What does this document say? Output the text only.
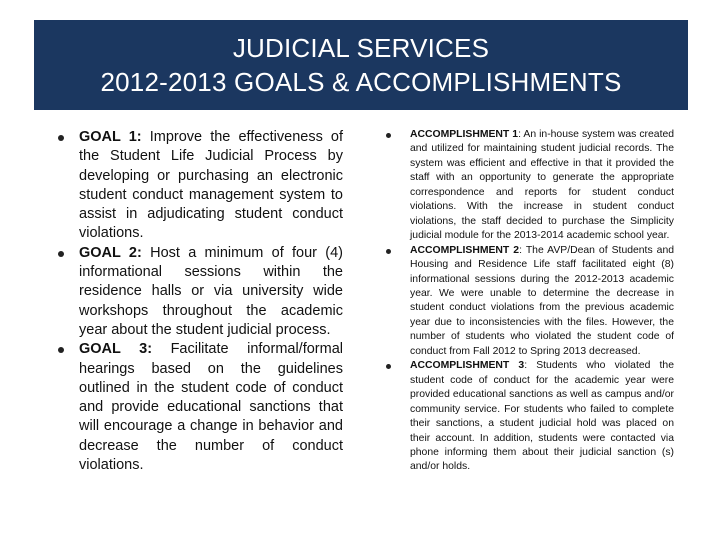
JUDICIAL SERVICES
2012-2013 GOALS & ACCOMPLISHMENTS
GOAL 1: Improve the effectiveness of the Student Life Judicial Process by developing or purchasing an electronic student conduct management system to assist in adjudicating student conduct violations.
GOAL 2: Host a minimum of four (4) informational sessions within the residence halls or via university wide workshops throughout the academic year about the student judicial process.
GOAL 3: Facilitate informal/formal hearings based on the guidelines outlined in the student code of conduct and provide educational sanctions that will encourage a change in behavior and decrease the number of conduct violations.
ACCOMPLISHMENT 1: An in-house system was created and utilized for maintaining student judicial records. The system was efficient and effective in that it provided the staff with an opportunity to generate the appropriate correspondence and reports for student conduct violations. With the increase in student conduct violations, the staff decided to purchase the Simplicity judicial module for the 2013-2014 academic school year.
ACCOMPLISHMENT 2: The AVP/Dean of Students and Housing and Residence Life staff facilitated eight (8) informational sessions during the 2012-2013 academic year. We were unable to determine the decrease in student conduct violations from the previous academic year due to inconsistencies with the files. However, the number of students who violated the student code of conduct from Fall 2012 to Spring 2013 decreased.
ACCOMPLISHMENT 3: Students who violated the student code of conduct for the academic year were provided educational sanctions as well as campus and/or community service. For students who failed to complete their sanctions, a student judicial hold was placed on their account. In addition, students were contacted via phone informing them about their judicial sanction (s) and/or holds.
